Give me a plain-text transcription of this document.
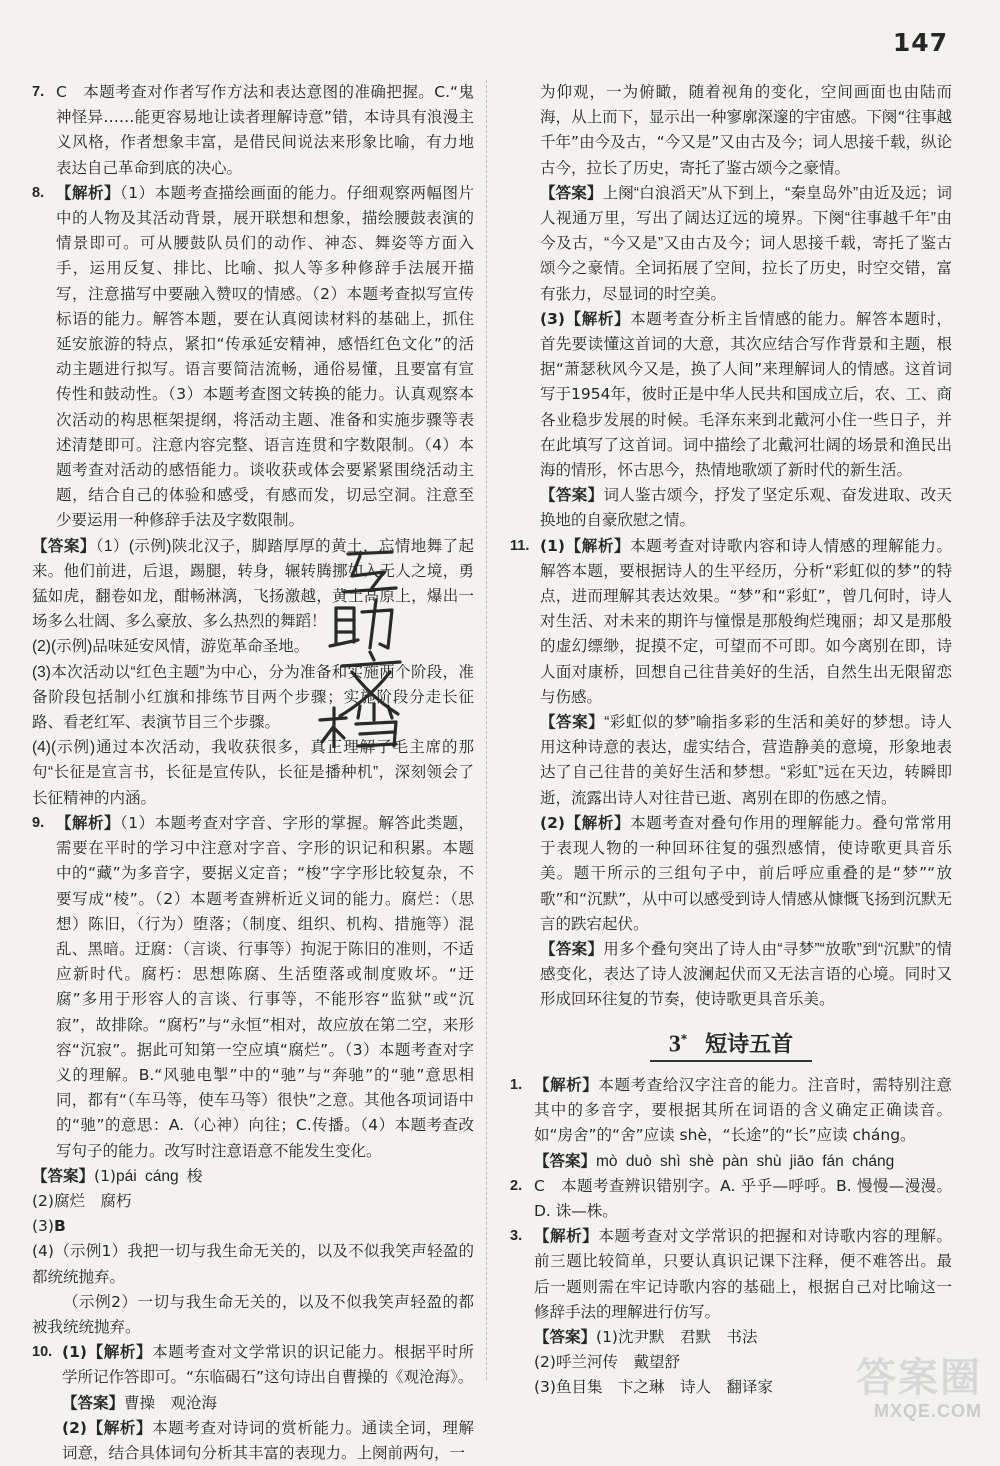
147
7. C　本题考查对作者写作方法和表达意图的准确把握。C.“鬼神怪异……能更容易地让读者理解诗意”错，本诗具有浪漫主义风格，作者想象丰富，是借民间说法来形象比喻，有力地表达自己革命到底的决心。

8. 【解析】（1）本题考查描绘画面的能力。仔细观察两幅图片中的人物及其活动背景，展开联想和想象，描绘腰鼓表演的情景即可。可从腰鼓队员们的动作、神态、舞姿等方面入手，运用反复、排比、比喻、拟人等多种修辞手法展开描写，注意描写中要融入赞叹的情感。（2）本题考查拟写宣传标语的能力。解答本题，要在认真阅读材料的基础上，抓住延安旅游的特点，紧扣“传承延安精神，感悟红色文化”的活动主题进行拟写。语言要简洁流畅，通俗易懂，且要富有宣传性和鼓动性。（3）本题考查图文转换的能力。认真观察本次活动的构思框架提纲，将活动主题、准备和实施步骤等表述清楚即可。注意内容完整、语言连贯和字数限制。（4）本题考查对活动的感悟能力。谈收获或体会要紧紧围绕活动主题，结合自己的体验和感受，有感而发，切忌空洞。注意至少要运用一种修辞手法及字数限制。

【答案】（1）(示例)陕北汉子，脚踏厚厚的黄土，忘情地舞了起来。他们前进，后退，踢腿，转身，辗转腾挪如入无人之境，勇猛如虎，翻卷如龙，酣畅淋漓，飞扬激越，黄土高原上，爆出一场多么壮阔、多么豪放、多么热烈的舞蹈！

(2)(示例)品味延安风情，游览革命圣地。

(3)本次活动以“红色主题”为中心，分为准备和实施两个阶段，准备阶段包括制小红旗和排练节目两个步骤；实施阶段分走长征路、看老红军、表演节目三个步骤。

(4)(示例)通过本次活动，我收获很多，真正理解了毛主席的那句“长征是宣言书，长征是宣传队，长征是播种机”，深刻领会了长征精神的内涵。

9. 【解析】（1）本题考查对字音、字形的掌握。解答此类题，需要在平时的学习中注意对字音、字形的识记和积累。本题中的“藏”为多音字，要据义定音；“梭”字字形比较复杂，不要写成“棱”。（2）本题考查辨析近义词的能力。腐烂：（思想）陈旧，（行为）堕落；（制度、组织、机构、措施等）混乱、黑暗。迂腐：（言谈、行事等）拘泥于陈旧的准则，不适应新时代。腐朽：思想陈腐、生活堕落或制度败坏。“迂腐”多用于形容人的言谈、行事等，不能形容“监狱”或“沉寂”，故排除。“腐朽”与“永恒”相对，故应放在第二空，来形容“沉寂”。据此可知第一空应填“腐烂”。（3）本题考查对字义的理解。B.“风驰电掣”中的“驰”与“奔驰”的“驰”意思相同，都有“（车马等，使车马等）很快”之意。其他各项词语中的“驰”的意思：A.（心神）向往；C.传播。（4）本题考查改写句子的能力。改写时注意语意不能发生变化。

【答案】(1)pái cáng 梭

(2)腐烂　腐朽

(3)B

(4)（示例1）我把一切与我生命无关的，以及不似我笑声轻盈的都统统抛弃。

（示例2）一切与我生命无关的，以及不似我笑声轻盈的都被我统统抛弃。

10. (1)【解析】本题考查对文学常识的识记能力。根据平时所学所记作答即可。“东临碣石”这句诗出自曹操的《观沧海》。

【答案】曹操　观沧海

(2)【解析】本题考查对诗词的赏析能力。通读全词，理解词意，结合具体词句分析其丰富的表现力。上阕前两句，一

为仰观，一为俯瞰，随着视角的变化，空间画面也由陆而海，从上而下，显示出一种寥廓深邃的宇宙感。下阕“往事越千年”由今及古，“今又是”又由古及今；词人思接千载，纵论古今，拉长了历史，寄托了鉴古颂今之豪情。

【答案】上阕“白浪滔天”从下到上，“秦皇岛外”由近及远；词人视通万里，写出了阔达辽远的境界。下阕“往事越千年”由今及古，“今又是”又由古及今；词人思接千载，寄托了鉴古颂今之豪情。全词拓展了空间，拉长了历史，时空交错，富有张力，尽显词的时空美。

(3)【解析】本题考查分析主旨情感的能力。解答本题时，首先要读懂这首词的大意，其次应结合写作背景和主题，根据“萧瑟秋风今又是，换了人间”来理解词人的情感。这首词写于1954年，彼时正是中华人民共和国成立后，农、工、商各业稳步发展的时候。毛泽东来到北戴河小住一些日子，并在此填写了这首词。词中描绘了北戴河壮阔的场景和渔民出海的情形，怀古思今，热情地歌颂了新时代的新生活。

【答案】词人鉴古颂今，抒发了坚定乐观、奋发进取、改天换地的自豪欣慰之情。

11. (1)【解析】本题考查对诗歌内容和诗人情感的理解能力。解答本题，要根据诗人的生平经历，分析“彩虹似的梦”的特点，进而理解其表达效果。“梦”和“彩虹”，曾几何时，诗人对生活、对未来的期许与憧憬是那般绚烂瑰丽；却又是那般的虚幻缥缈，捉摸不定，可望而不可即。如今离别在即，诗人面对康桥，回想自己往昔美好的生活，自然生出无限留恋与伤感。

【答案】“彩虹似的梦”喻指多彩的生活和美好的梦想。诗人用这种诗意的表达，虚实结合，营造静美的意境，形象地表达了自己往昔的美好生活和梦想。“彩虹”远在天边，转瞬即逝，流露出诗人对往昔已逝、离别在即的伤感之情。

(2)【解析】本题考查对叠句作用的理解能力。叠句常常用于表现人物的一种回环往复的强烈感情，使诗歌更具音乐美。题干所示的三组句子中，前后呼应重叠的是“梦”“放歌”和“沉默”，从中可以感受到诗人情感从慷慨飞扬到沉默无言的跌宕起伏。

【答案】用多个叠句突出了诗人由“寻梦”“放歌”到“沉默”的情感变化，表达了诗人波澜起伏而又无法言语的心境。同时又形成回环往复的节奏，使诗歌更具音乐美。

3* 短诗五首
1. 【解析】本题考查给汉字注音的能力。注音时，需特别注意其中的多音字，要根据其所在词语的含义确定正确读音。如“房舍”的“舍”应读 shè，“长途”的“长”应读 cháng。

【答案】mò duò shì shè pàn shù jiāo fán cháng

2. C　本题考查辨识错别字。A. 乎乎—呼呼。B. 慢慢—漫漫。D. 诛—株。

3. 【解析】本题考查对文学常识的把握和对诗歌内容的理解。前三题比较简单，只要认真识记课下注释，便不难答出。最后一题则需在牢记诗歌内容的基础上，根据自己对比喻这一修辞手法的理解进行仿写。

【答案】(1)沈尹默　君默　书法

(2)呼兰河传　戴望舒

(3)鱼目集　卞之琳　诗人　翻译家	答案圈
MXQE.COM
